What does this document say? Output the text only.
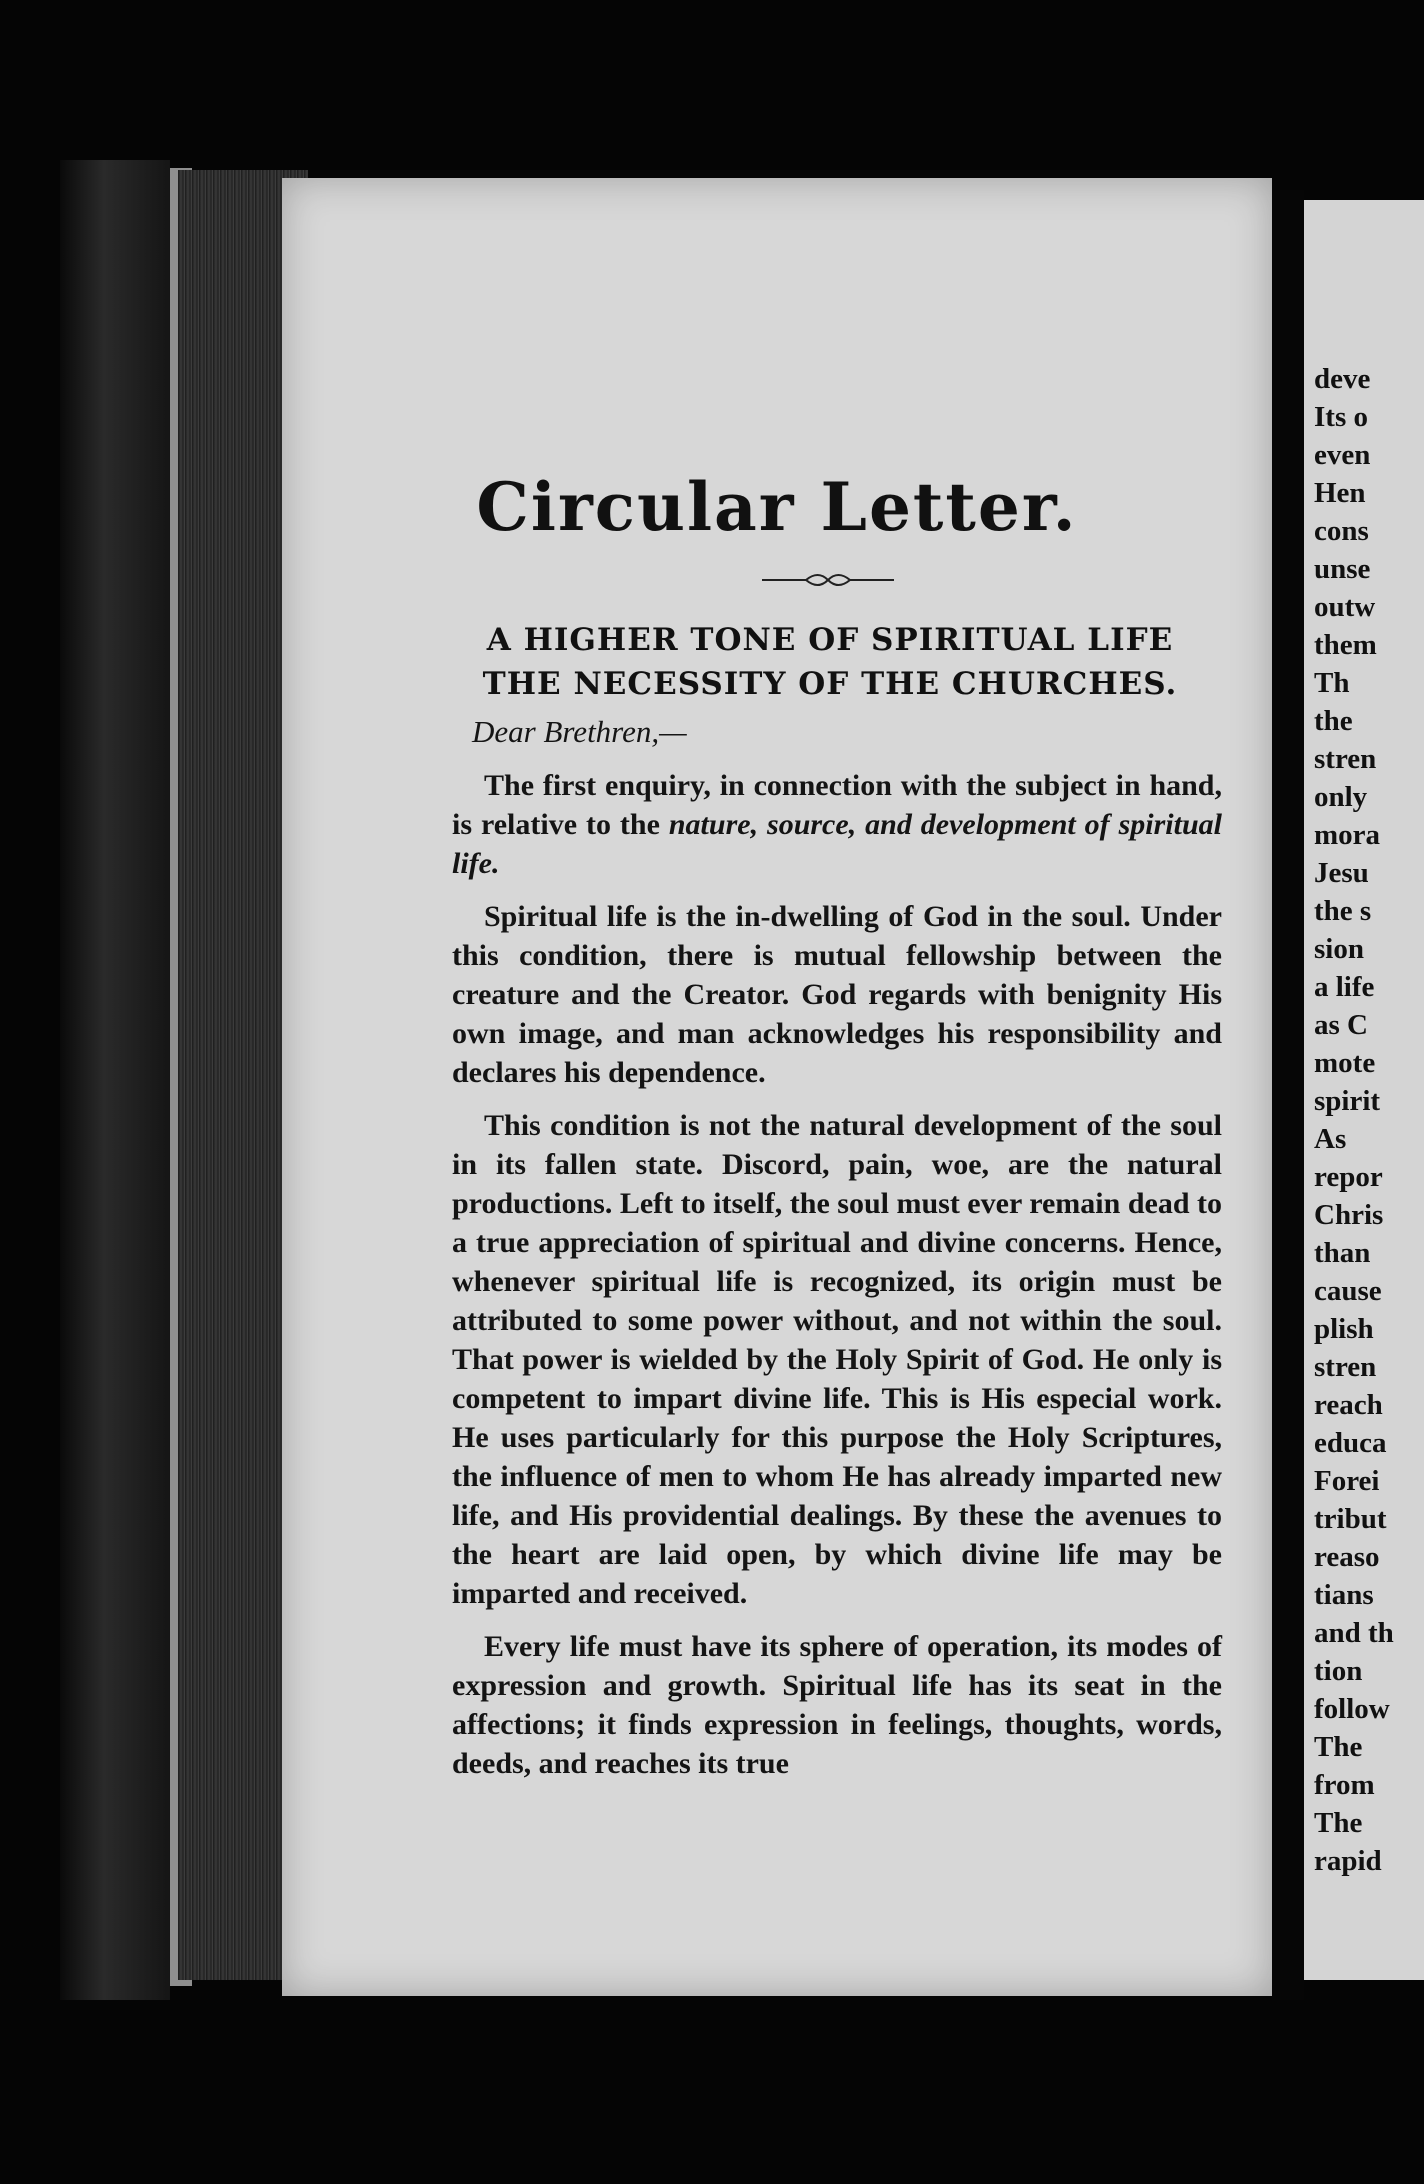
Circular Letter.
A HIGHER TONE OF SPIRITUAL LIFE
THE NECESSITY OF THE CHURCHES.
Dear Brethren,—

The first enquiry, in connection with the subject in hand, is relative to the nature, source, and development of spiritual life.

Spiritual life is the in-dwelling of God in the soul. Under this condition, there is mutual fellowship between the creature and the Creator. God regards with benignity His own image, and man acknowledges his responsibility and declares his dependence.

This condition is not the natural development of the soul in its fallen state. Discord, pain, woe, are the natural productions. Left to itself, the soul must ever remain dead to a true appreciation of spiritual and divine concerns. Hence, whenever spiritual life is recognized, its origin must be attributed to some power without, and not within the soul. That power is wielded by the Holy Spirit of God. He only is competent to impart divine life. This is His especial work. He uses particularly for this purpose the Holy Scriptures, the influence of men to whom He has already imparted new life, and His providential dealings. By these the avenues to the heart are laid open, by which divine life may be imparted and received.

Every life must have its sphere of operation, its modes of expression and growth. Spiritual life has its seat in the affections; it finds expression in feelings, thoughts, words, deeds, and reaches its true

deve
Its o
even
Hen
cons
unse
outw
them
Th
the
stren
only
mora
Jesu
the s
sion
a life
as C
mote
spirit
As
repor
Chris
than
cause
plish
stren
reach
educa
Forei
tribut
reaso
tians
and th
tion
follow
The
from
The
rapid
